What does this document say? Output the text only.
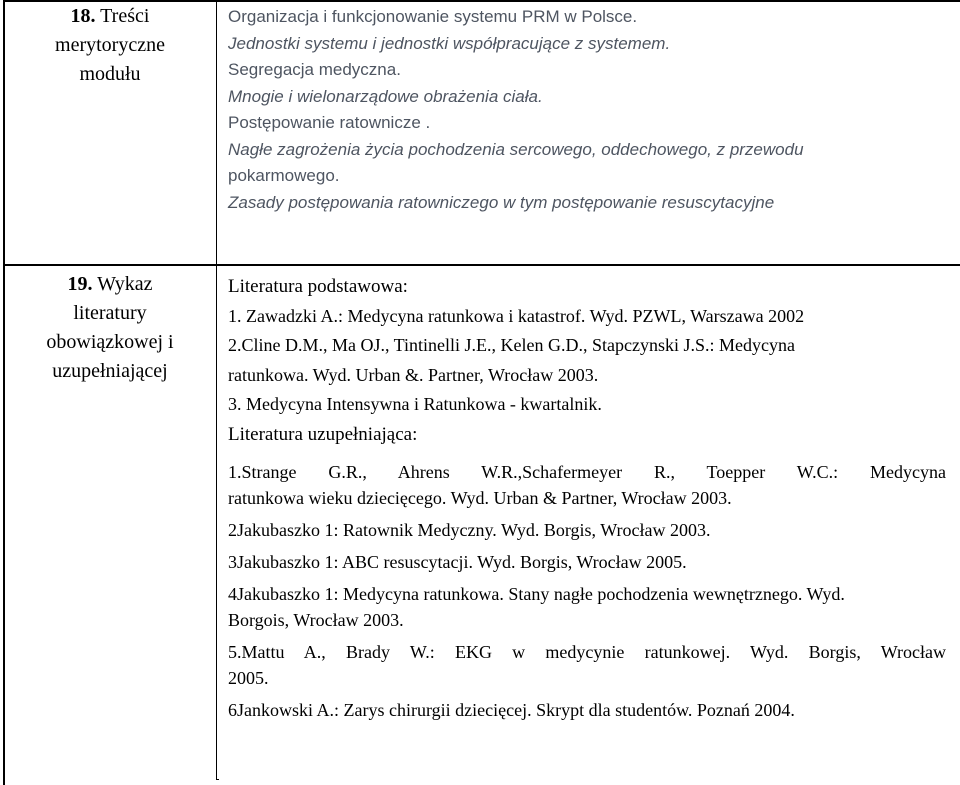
18. Treści
merytoryczne
modułu
Organizacja i funkcjonowanie systemu PRM w Polsce.
Jednostki systemu i jednostki współpracujące z systemem.
Segregacja medyczna.
Mnogie i wielonarządowe obrażenia ciała.
Postępowanie ratownicze .
Nagłe zagrożenia życia pochodzenia sercowego, oddechowego, z przewodu
pokarmowego.
Zasady postępowania ratowniczego w tym postępowanie resuscytacyjne
19. Wykaz
literatury
obowiązkowej i
uzupełniającej
Literatura podstawowa:
1. Zawadzki A.: Medycyna ratunkowa i katastrof. Wyd. PZWL, Warszawa 2002
2.Cline D.M., Ma OJ., Tintinelli J.E., Kelen G.D., Stapczynski J.S.: Medycyna
ratunkowa. Wyd. Urban &. Partner, Wrocław 2003.
3. Medycyna Intensywna i Ratunkowa - kwartalnik.
Literatura uzupełniająca:
1.Strange G.R., Ahrens W.R.,Schafermeyer R., Toepper W.C.: Medycyna
ratunkowa wieku dziecięcego. Wyd. Urban & Partner, Wrocław 2003.
2Jakubaszko 1: Ratownik Medyczny. Wyd. Borgis, Wrocław 2003.
3Jakubaszko 1: ABC resuscytacji. Wyd. Borgis, Wrocław 2005.
4Jakubaszko 1: Medycyna ratunkowa. Stany nagłe pochodzenia wewnętrznego. Wyd.
Borgois, Wrocław 2003.
5.Mattu A., Brady W.: EKG w medycynie ratunkowej. Wyd. Borgis, Wrocław
2005.
6Jankowski A.: Zarys chirurgii dziecięcej. Skrypt dla studentów. Poznań 2004.
